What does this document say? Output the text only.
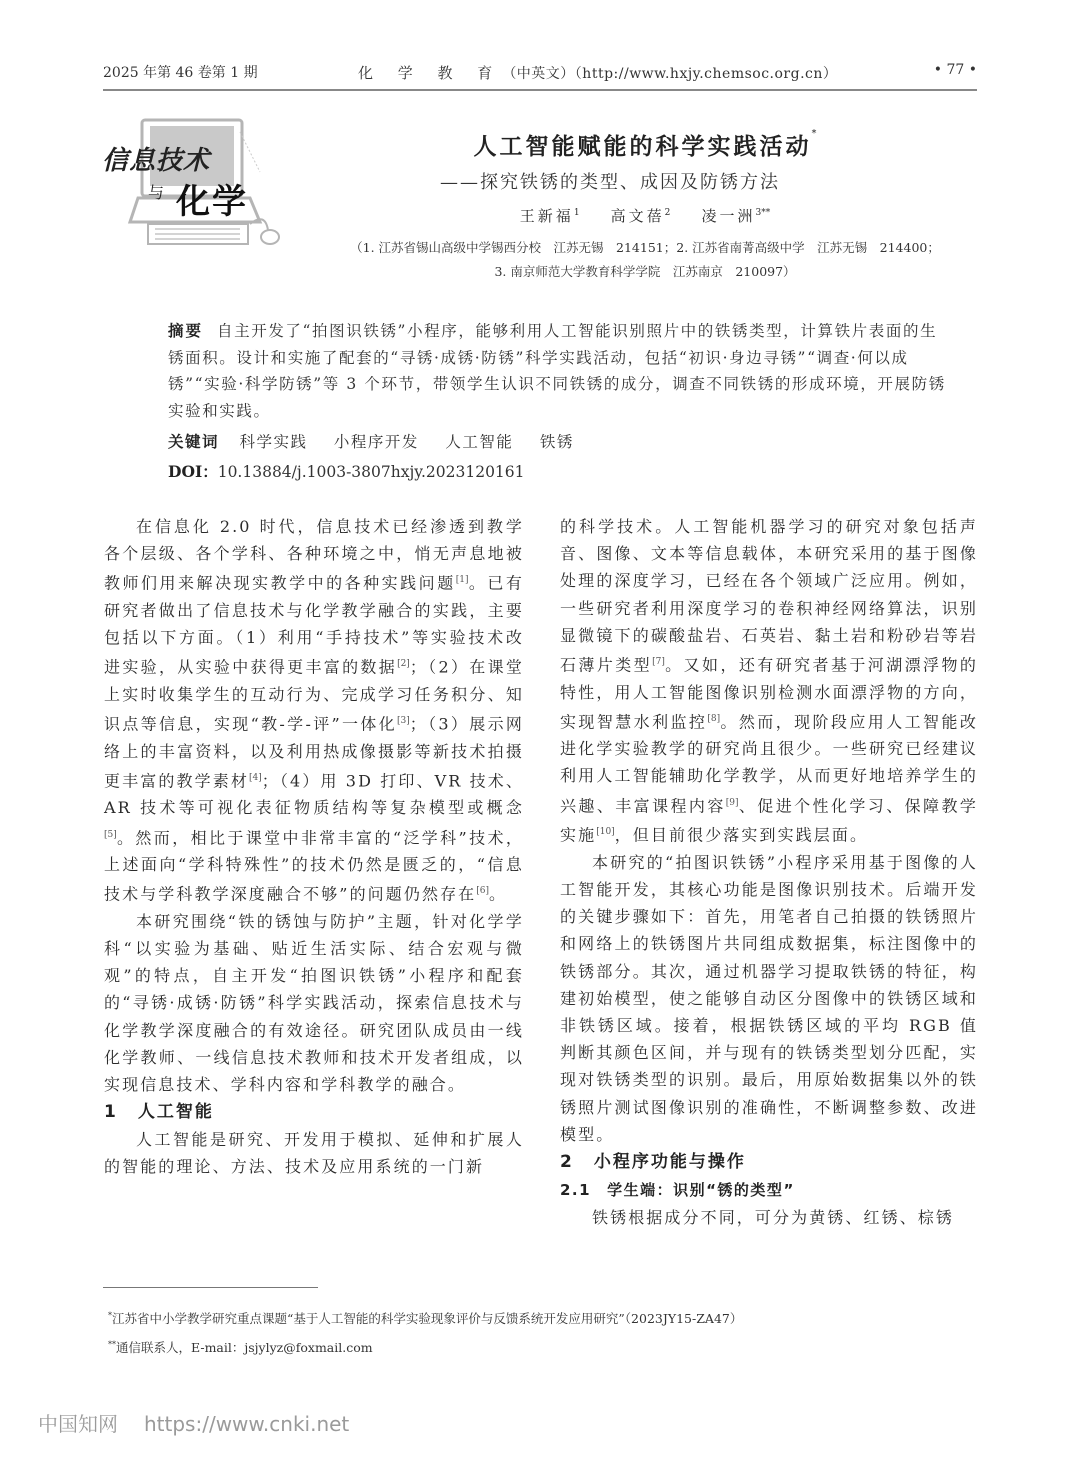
2025 年第 46 卷第 1 期	化 学 教 育（中英文）（http://www.hxjy.chemsoc.org.cn）	• 77 •
信息技术
与 化学
人工智能赋能的科学实践活动*
——探究铁锈的类型、成因及防锈方法
王新福$^1$ 高文蓓$^2$ 凌一洲$^{3**}$
（1. 江苏省锡山高级中学锡西分校　江苏无锡　214151；2. 江苏省南菁高级中学　江苏无锡　214400；
3. 南京师范大学教育科学学院　江苏南京　210097）
摘要 自主开发了“拍图识铁锈”小程序，能够利用人工智能识别照片中的铁锈类型，计算铁片表面的生锈面积。设计和实施了配套的“寻锈·成锈·防锈”科学实践活动，包括“初识·身边寻锈”“调查·何以成锈”“实验·科学防锈”等 3 个环节，带领学生认识不同铁锈的成分，调查不同铁锈的形成环境，开展防锈实验和实践。
关键词 科学实践 小程序开发 人工智能 铁锈
DOI：10.13884/j.1003-3807hxjy.2023120161

在信息化 2.0 时代，信息技术已经渗透到教学各个层级、各个学科、各种环境之中，悄无声息地被教师们用来解决现实教学中的各种实践问题[1]。已有研究者做出了信息技术与化学教学融合的实践，主要包括以下方面。（1）利用“手持技术”等实验技术改进实验，从实验中获得更丰富的数据[2]；（2）在课堂上实时收集学生的互动行为、完成学习任务积分、知识点等信息，实现“教-学-评”一体化[3]；（3）展示网络上的丰富资料，以及利用热成像摄影等新技术拍摄更丰富的教学素材[4]；（4）用 3D 打印、VR 技术、AR 技术等可视化表征物质结构等复杂模型或概念[5]。然而，相比于课堂中非常丰富的“泛学科”技术，上述面向“学科特殊性”的技术仍然是匮乏的，“信息技术与学科教学深度融合不够”的问题仍然存在[6]。

本研究围绕“铁的锈蚀与防护”主题，针对化学学科“以实验为基础、贴近生活实际、结合宏观与微观”的特点，自主开发“拍图识铁锈”小程序和配套的“寻锈·成锈·防锈”科学实践活动，探索信息技术与化学教学深度融合的有效途径。研究团队成员由一线化学教师、一线信息技术教师和技术开发者组成，以实现信息技术、学科内容和学科教学的融合。

1 人工智能

人工智能是研究、开发用于模拟、延伸和扩展人的智能的理论、方法、技术及应用系统的一门新

的科学技术。人工智能机器学习的研究对象包括声音、图像、文本等信息载体，本研究采用的基于图像处理的深度学习，已经在各个领域广泛应用。例如，一些研究者利用深度学习的卷积神经网络算法，识别显微镜下的碳酸盐岩、石英岩、黏土岩和粉砂岩等岩石薄片类型[7]。又如，还有研究者基于河湖漂浮物的特性，用人工智能图像识别检测水面漂浮物的方向，实现智慧水利监控[8]。然而，现阶段应用人工智能改进化学实验教学的研究尚且很少。一些研究已经建议利用人工智能辅助化学教学，从而更好地培养学生的兴趣、丰富课程内容[9]、促进个性化学习、保障教学实施[10]，但目前很少落实到实践层面。

本研究的“拍图识铁锈”小程序采用基于图像的人工智能开发，其核心功能是图像识别技术。后端开发的关键步骤如下：首先，用笔者自己拍摄的铁锈照片和网络上的铁锈图片共同组成数据集，标注图像中的铁锈部分。其次，通过机器学习提取铁锈的特征，构建初始模型，使之能够自动区分图像中的铁锈区域和非铁锈区域。接着，根据铁锈区域的平均 RGB 值判断其颜色区间，并与现有的铁锈类型划分匹配，实现对铁锈类型的识别。最后，用原始数据集以外的铁锈照片测试图像识别的准确性，不断调整参数、改进模型。

2 小程序功能与操作
2.1 学生端：识别“锈的类型”

铁锈根据成分不同，可分为黄锈、红锈、棕锈

*江苏省中小学教学研究重点课题“基于人工智能的科学实验现象评价与反馈系统开发应用研究”（2023JY15-ZA47）
**通信联系人，E-mail：jsjylyz@foxmail.com
中国知网 https://www.cnki.net
